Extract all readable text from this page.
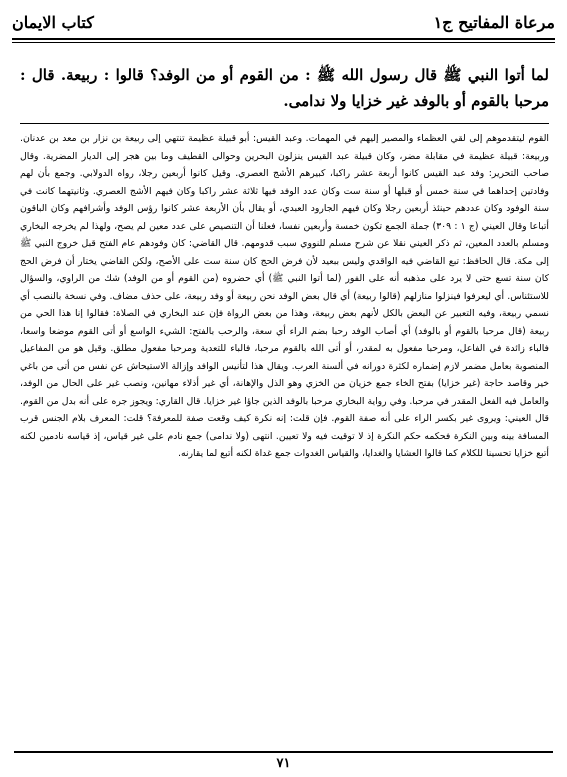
مرعاة المفاتيح ج١
كتاب الايمان
لما أتوا النبي ﷺ قال رسول الله ﷺ : من القوم أو من الوفد؟ قالوا : ربيعة. قال : مرحبا بالقوم أو بالوفد غير خزايا ولا ندامى.

القوم ليتقدموهم إلى لقي العظماء والمصير إليهم في المهمات. وعبد القيس: أبو قبيلة عظيمة تنتهي إلى ربيعة بن نزار بن معد بن عدنان. وربيعة: قبيلة عظيمة في مقابلة مضر، وكان قبيلة عبد القيس ينزلون البحرين وحوالى القطيف وما بين هجر إلى الديار المضرية. وقال صاحب التحرير: وفد عبد القيس كانوا أربعة عشر راكبا، كبيرهم الأشج العصري. وقيل كانوا أربعين رجلا، رواه الدولابي. وجمع بأن لهم وفادتين إحداهما في سنة خمس أو قبلها أو سنة ست وكان عدد الوفد فيها ثلاثة عشر راكبا وكان فيهم الأشج العصري. وثانيتهما كانت في سنة الوفود وكان عددهم حينئذ أربعين رجلا وكان فيهم الجارود العبدي، أو يقال بأن الأربعة عشر كانوا رؤس الوفد وأشرافهم وكان الباقون أتباعا وقال العيني (ج ١ : ٣٠٩) جملة الجمع تكون خمسة وأربعين نفسا، فعلنا أن التنصيص على عدد معين لم يصح، ولهذا لم يخرجه البخاري ومسلم بالعدد المعين، ثم ذكر العيني نقلا عن شرح مسلم للنووي سبب قدومهم. قال القاضي: كان وفودهم عام الفتح قبل خروج النبي ﷺ إلى مكة. قال الحافظ: تبع القاضي فيه الواقدي وليس ببعيد لأن فرض الحج كان سنة ست على الأصح، ولكن القاضي يختار أن فرض الحج كان سنة تسع حتى لا يرد على مذهبه أنه على الفور (لما أتوا النبي ﷺ) أي حضروه (من القوم أو من الوفد) شك من الراوي، والسؤال للاستئناس. أي ليعرفوا فينزلوا منازلهم (قالوا ربيعة) أي قال بعض الوفد نحن ربيعة أو وفد ربيعة، على حذف مضاف. وفي نسخة بالنصب أي نسمي ربيعة، وفيه التعبير عن البعض بالكل لأنهم بعض ربيعة، وهذا من بعض الرواة فإن عند البخاري في الصلاة: فقالوا إنا هذا الحي من ربيعة (قال مرحبا بالقوم أو بالوفد) أي أصاب الوفد رحبا بضم الراء أي سعة، والرحب بالفتح: الشيء الواسع أو أتى القوم موضعا واسعا، فالباء زائدة في الفاعل، ومرحبا مفعول به لمقدر، أو أتى الله بالقوم مرحبا، فالباء للتعدية ومرحبا مفعول مطلق. وقيل هو من المفاعيل المنصوبة بعامل مضمر لازم إضماره لكثرة دورانه في ألسنة العرب. ويقال هذا لتأنيس الوافد وإزالة الاستيحاش عن نفس من أتى من باغي خير وقاصد حاجة (غير خزايا) بفتح الخاء جمع خزيان من الخزي وهو الذل والإهانة، أي غير أذلاء مهانين، ونصب غير على الحال من الوفد، والعامل فيه الفعل المقدر في مرحبا. وفي رواية البخاري مرحبا بالوفد الذين جاؤا غير خزايا. قال القاري: ويجوز جره على أنه بدل من القوم. قال العيني: ويروى غير بكسر الراء على أنه صفة القوم. فإن قلت: إنه نكرة كيف وقعت صفة للمعرفة؟ قلت: المعرف بلام الجنس قرب المسافة بينه وبين النكرة فحكمه حكم النكرة إذ لا توقيت فيه ولا تعيين. انتهى (ولا ندامى) جمع نادم على غير قياس، إذ قياسه نادمين لكنه أتبع خزايا تحسينا للكلام كما قالوا العشايا والغدايا، والقياس الغدوات جمع غداة لكنه أتبع لما يقارنه.

٧١
